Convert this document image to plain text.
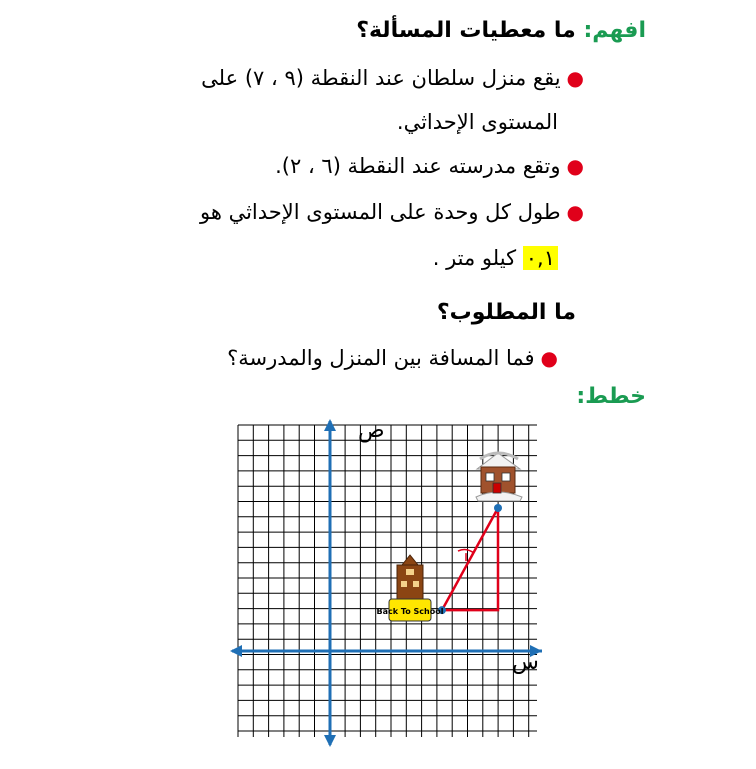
افهم: ما معطيات المسألة؟
●يقع منزل سلطان عند النقطة (٩ ، ٧) على
المستوى الإحداثي.
●وتقع مدرسته عند النقطة (٦ ، ٢).
●طول كل وحدة على المستوى الإحداثي هو
٠,١ كيلو متر .
ما المطلوب؟
●فما المسافة بين المنزل والمدرسة؟
خطط:
Back To School
ص
س
